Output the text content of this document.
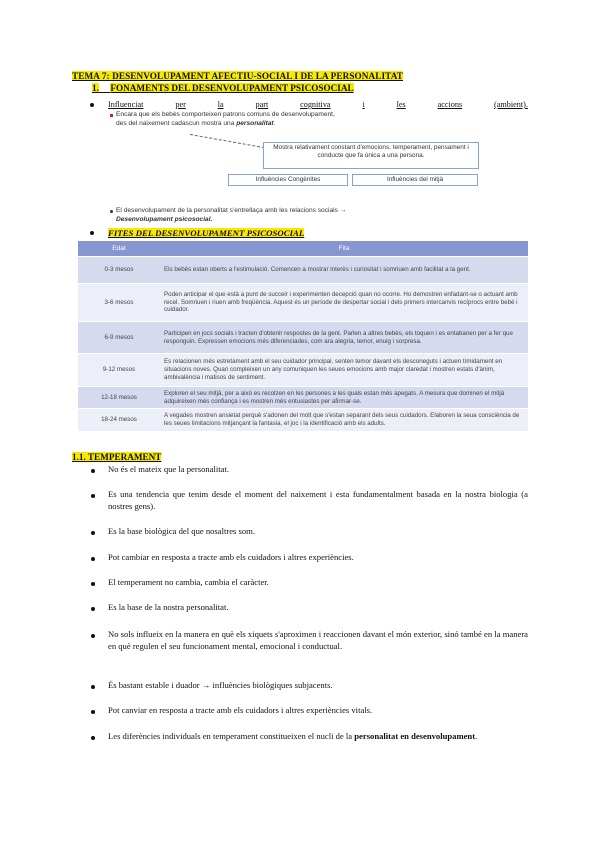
TEMA 7: DESENVOLUPAMENT AFECTIU-SOCIAL I DE LA PERSONALITAT
1. FONAMENTS DEL DESENVOLUPAMENT PSICOSOCIAL
Influenciat	per	la	part	cognitiva	i	les	accions	(ambient).
Encara que els bebès comporteixen patrons comuns de desenvolupament,
des del naixement cadascun mostra una personalitat.
Mostra relativament constant d'emocions, temperament, pensament i conducte que fa única a una persona.
Influències Congènites	Influències del mitjà
El desenvolupament de la personalitat s'entrellaça amb les relacions socials →
Desenvolupament psicosocial.
FITES DEL DESENVOLUPAMENT PSICOSOCIAL
Edat	Fita
0-3 mesos	Els bebès estan oberts a l'estimulació. Comencen a mostrar interès i curiositat i somriuen amb facilitat a la gent.
3-6 mesos	Poden anticipar el que està a punt de succeir i experimenten decepció quan no ocorre. Ho demostren enfadant-se o actuant amb recel. Somriuen i riuen amb freqüència. Aquest és un període de despertar social i dels primers intercanvis recíprocs entre bebè i cuidador.
6-9 mesos	Participen en jocs socials i tracten d'obtenir respostes de la gent. Parlen a altres bebès, els toquen i es entabanen per a fer que responguin. Expressen emocions més diferenciades, com ara alegria, temor, enuig i sorpresa.
9-12 mesos	Es relacionen més estretament amb el seu cuidador principal, senten temor davant els desconeguts i actuen tímidament en situacions noves. Quan compleixen un any comuniquen les seues emocions amb major claredat i mostren estats d'ànim, ambivalència i matisos de sentiment.
12-18 mesos	Exploren el seu mitjà, per a això es recolzen en les persones a les quals estan més apegats. A mesura que dominen el mitjà adquireixen més confiança i es mostren més entusiastes per afirmar-se.
18-24 mesos	A vegades mostren ansietat perquè s'adonen del molt que s'estan separant dels seus cuidadors. Elaboren la seua consciència de les seues limitacions mitjançant la fantasia, el joc i la identificació amb els adults.
1.1. TEMPERAMENT
No és el mateix que la personalitat.
Es una tendencia que tenim desde el moment del naixement i esta fundamentalment basada en la nostra biologia (a nostres gens).
Es la base biològica del que nosaltres som.
Pot cambiar en resposta a tracte amb els cuidadors i altres experiències.
El temperament no cambia, cambia el caràcter.
Es la base de la nostra personalitat.
No sols influeix en la manera en què els xiquets s'aproximen i reaccionen davant el món exterior, sinó també en la manera en què regulen el seu funcionament mental, emocional i conductual.
És bastant estable i duador → influències biològiques subjacents.
Pot canviar en resposta a tracte amb els cuidadors i altres experiències vitals.
Les diferències individuals en temperament constitueixen el nucli de la personalitat en desenvolupament.
